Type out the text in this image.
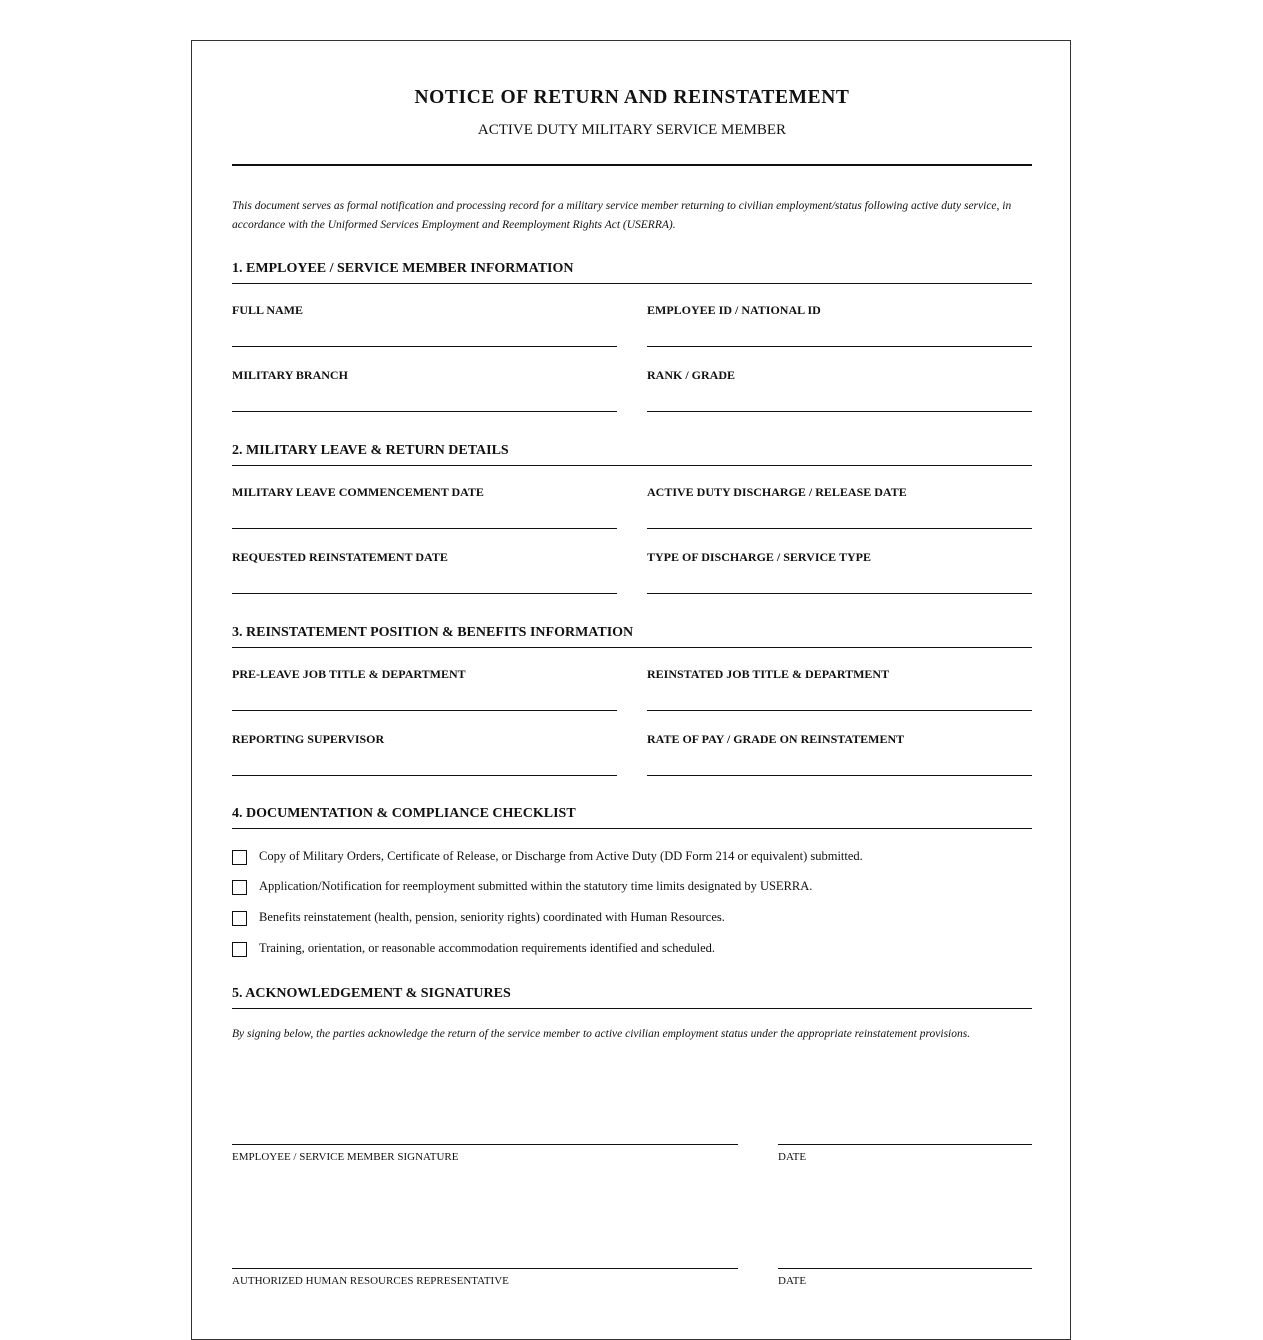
NOTICE OF RETURN AND REINSTATEMENT
ACTIVE DUTY MILITARY SERVICE MEMBER
This document serves as formal notification and processing record for a military service member returning to civilian employment/status following active duty service, in accordance with the Uniformed Services Employment and Reemployment Rights Act (USERRA).
1. EMPLOYEE / SERVICE MEMBER INFORMATION
FULL NAME	EMPLOYEE ID / NATIONAL ID
MILITARY BRANCH	RANK / GRADE
2. MILITARY LEAVE & RETURN DETAILS
MILITARY LEAVE COMMENCEMENT DATE	ACTIVE DUTY DISCHARGE / RELEASE DATE
REQUESTED REINSTATEMENT DATE	TYPE OF DISCHARGE / SERVICE TYPE
3. REINSTATEMENT POSITION & BENEFITS INFORMATION
PRE-LEAVE JOB TITLE & DEPARTMENT	REINSTATED JOB TITLE & DEPARTMENT
REPORTING SUPERVISOR	RATE OF PAY / GRADE ON REINSTATEMENT
4. DOCUMENTATION & COMPLIANCE CHECKLIST
Copy of Military Orders, Certificate of Release, or Discharge from Active Duty (DD Form 214 or equivalent) submitted.
Application/Notification for reemployment submitted within the statutory time limits designated by USERRA.
Benefits reinstatement (health, pension, seniority rights) coordinated with Human Resources.
Training, orientation, or reasonable accommodation requirements identified and scheduled.
5. ACKNOWLEDGEMENT & SIGNATURES
By signing below, the parties acknowledge the return of the service member to active civilian employment status under the appropriate reinstatement provisions.
EMPLOYEE / SERVICE MEMBER SIGNATURE	DATE
AUTHORIZED HUMAN RESOURCES REPRESENTATIVE	DATE
